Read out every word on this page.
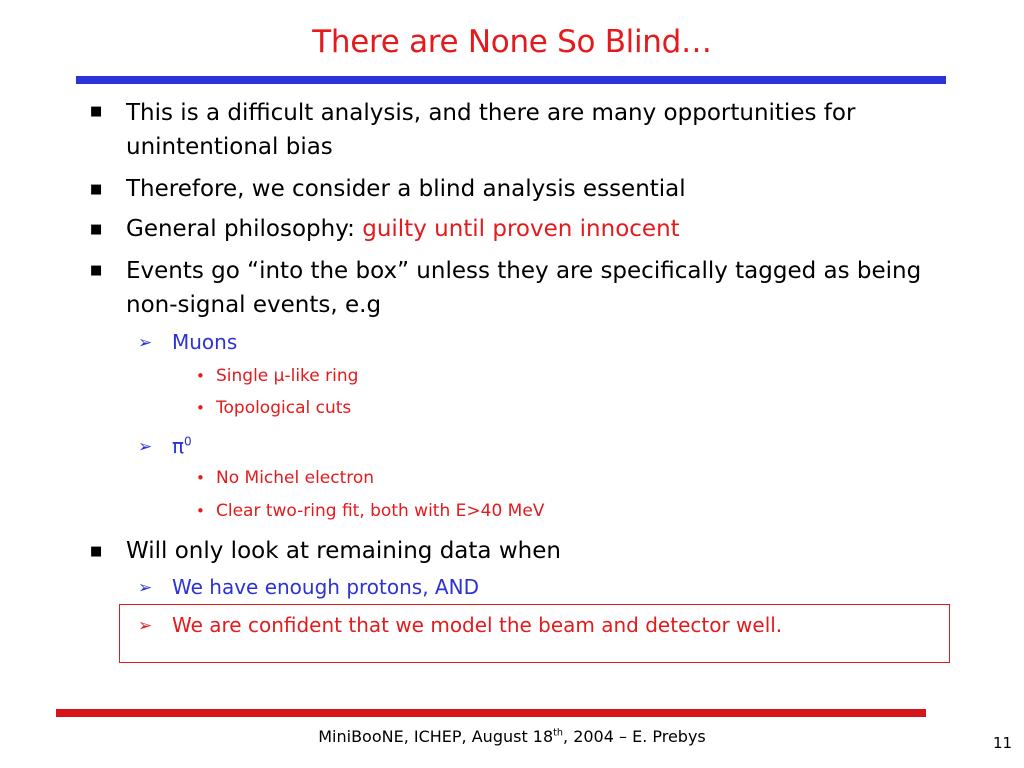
There are None So Blind…
■ This is a difficult analysis, and there are many opportunities for unintentional bias
■ Therefore, we consider a blind analysis essential
■ General philosophy: guilty until proven innocent
■ Events go “into the box” unless they are specifically tagged as being non-signal events, e.g
➢ Muons
• Single μ-like ring
• Topological cuts
➢ $\pi^0$
• No Michel electron
• Clear two-ring fit, both with E>40 MeV
■ Will only look at remaining data when
➢ We have enough protons, AND
➢ We are confident that we model the beam and detector well.
MiniBooNE, ICHEP, August 18th, 2004 – E. Prebys	11
